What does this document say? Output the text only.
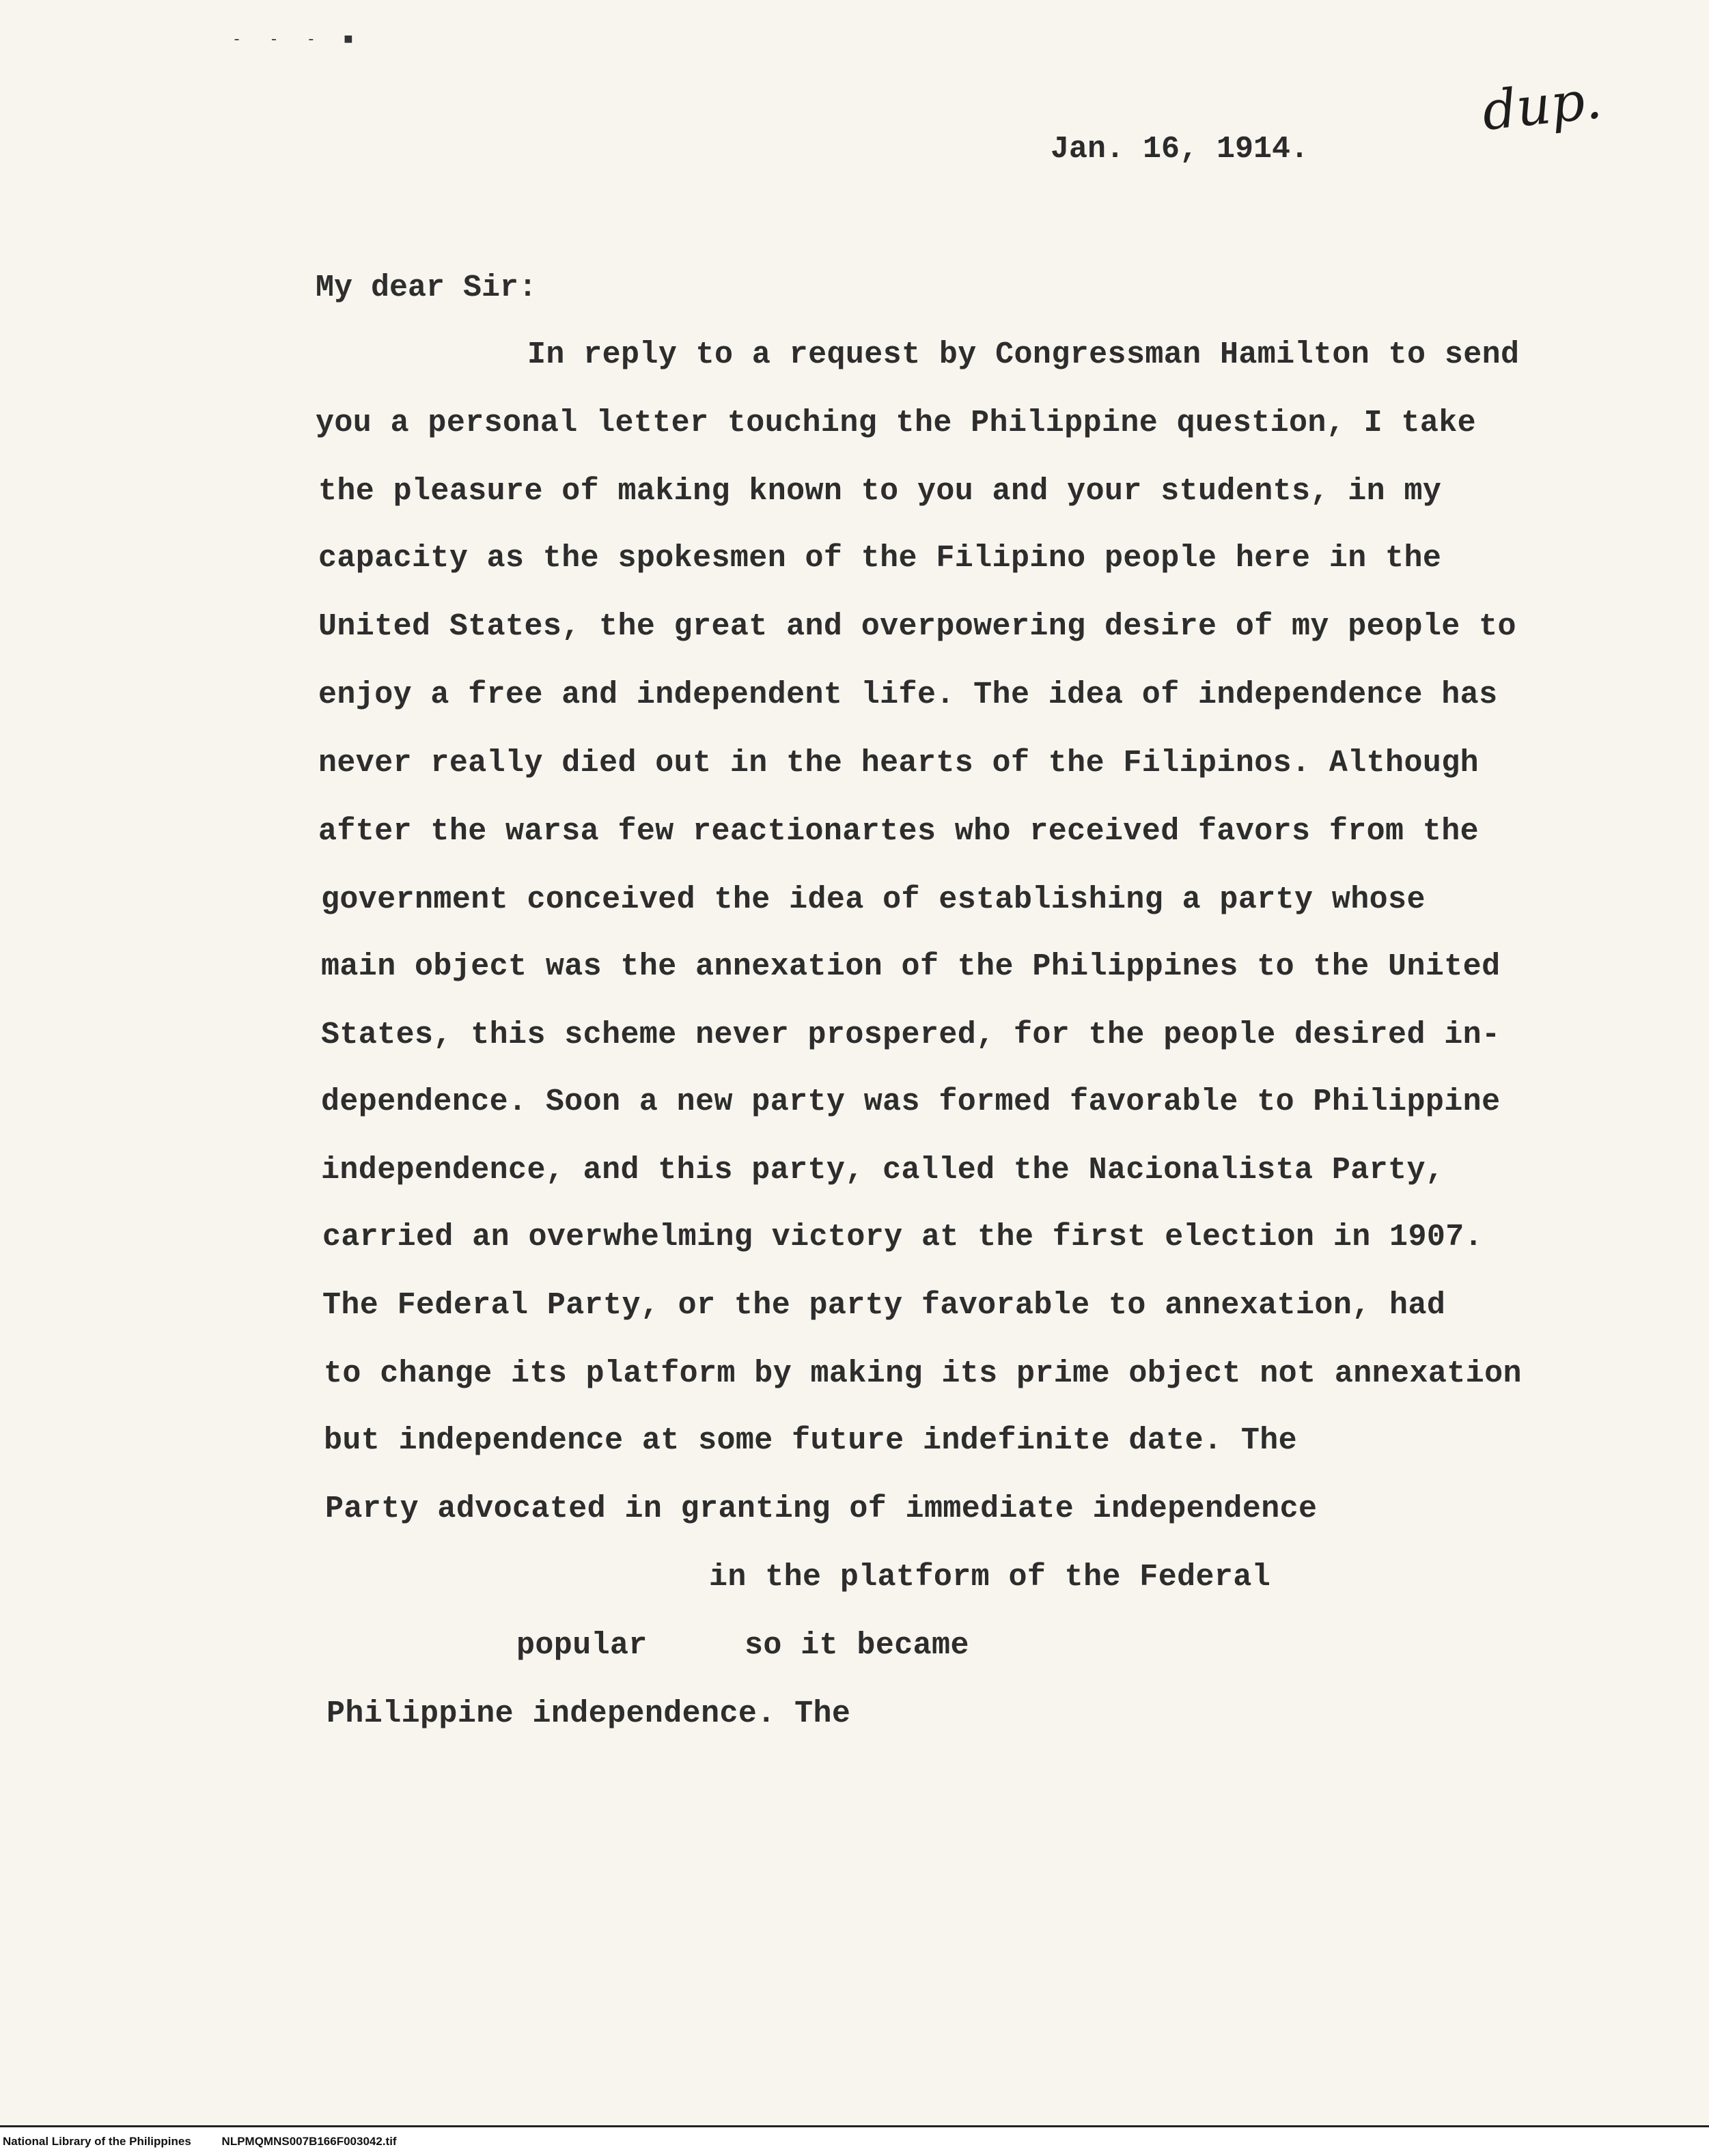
- - - ■
dup.
Jan. 16, 1914.
My dear Sir:
In reply to a request by Congressman Hamilton to send
you a personal letter touching the Philippine question, I take
the pleasure of making known to you and your students, in my
capacity as the spokesmen of the Filipino people here in the
United States, the great and overpowering desire of my people to
enjoy a free and independent life. The idea of independence has
never really died out in the hearts of the Filipinos. Although
after the warsa few reactionartes who received favors from the
government conceived the idea of establishing a party whose
main object was the annexation of the Philippines to the United
States, this scheme never prospered, for the people desired in-
dependence. Soon a new party was formed favorable to Philippine
independence, and this party, called the Nacionalista Party,
carried an overwhelming victory at the first election in 1907.
The Federal Party, or the party favorable to annexation, had
to change its platform by making its prime object not annexation
but independence at some future indefinite date. The
Party advocated in granting of immediate independence
in the platform of the Federal
popular	so it became
Philippine independence. The
National Library of the Philippines	NLPMQMNS007B166F003042.tif
